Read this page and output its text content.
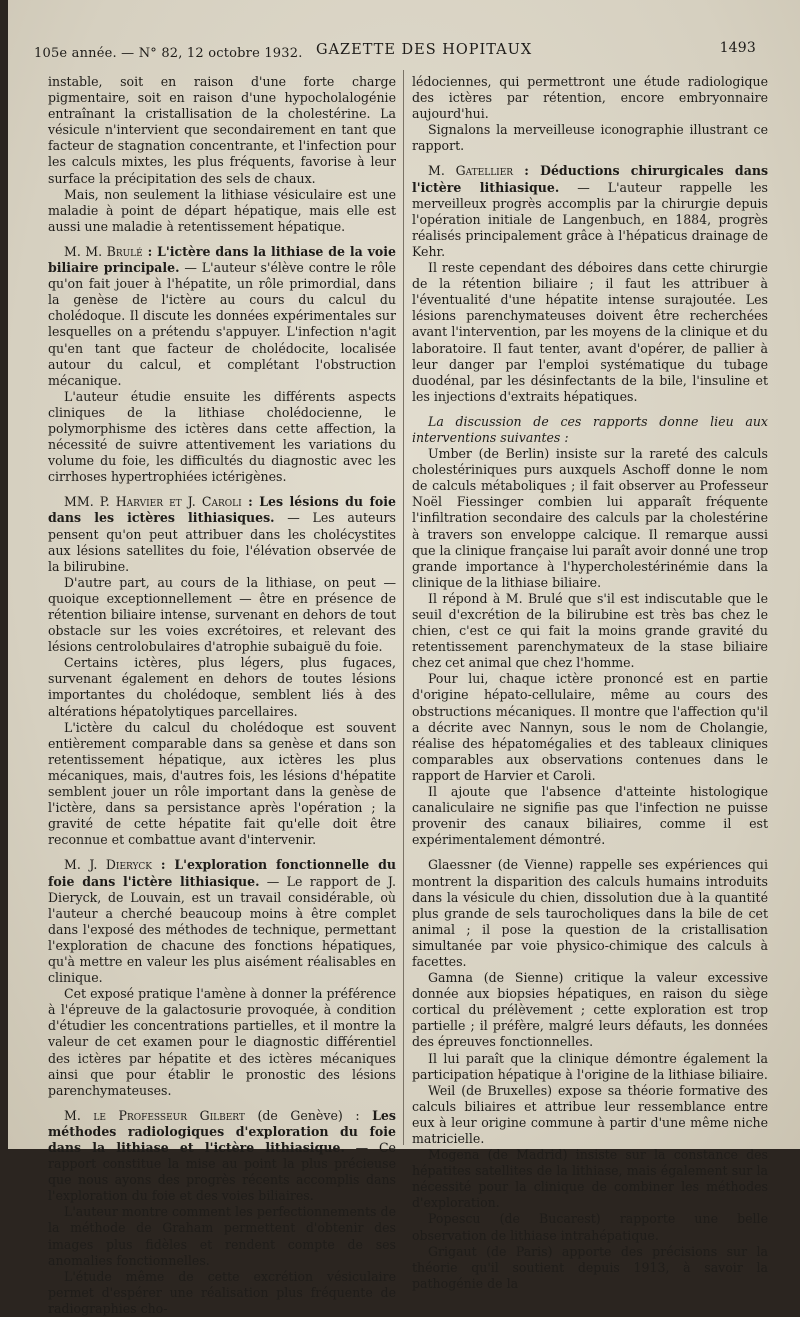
105e année. — N° 82, 12 octobre 1932. GAZETTE DES HOPITAUX	1493

instable, soit en raison d'une forte charge pigmentaire, soit en raison d'une hypocholalogénie entraînant la cristallisation de la cholestérine. La vésicule n'intervient que secondairement en tant que facteur de stagnation concentrante, et l'infection pour les calculs mixtes, les plus fréquents, favorise à leur surface la précipitation des sels de chaux.

Mais, non seulement la lithiase vésiculaire est une maladie à point de départ hépatique, mais elle est aussi une maladie à retentissement hépatique.

M. M. Brulé : L'ictère dans la lithiase de la voie biliaire principale. — L'auteur s'élève contre le rôle qu'on fait jouer à l'hépatite, un rôle primordial, dans la genèse de l'ictère au cours du calcul du cholédoque. Il discute les données expérimentales sur lesquelles on a prétendu s'appuyer. L'infection n'agit qu'en tant que facteur de cholédocite, localisée autour du calcul, et complétant l'obstruction mécanique.

L'auteur étudie ensuite les différents aspects cliniques de la lithiase cholédocienne, le polymorphisme des ictères dans cette affection, la nécessité de suivre attentivement les variations du volume du foie, les difficultés du diagnostic avec les cirrhoses hypertrophiées ictérigènes.

MM. P. Harvier et J. Caroli : Les lésions du foie dans les ictères lithiasiques. — Les auteurs pensent qu'on peut attribuer dans les cholécystites aux lésions satellites du foie, l'élévation observée de la bilirubine.

D'autre part, au cours de la lithiase, on peut — quoique exceptionnellement — être en présence de rétention biliaire intense, survenant en dehors de tout obstacle sur les voies excrétoires, et relevant des lésions centrolobulaires d'atrophie subaiguë du foie.

Certains ictères, plus légers, plus fugaces, survenant également en dehors de toutes lésions importantes du cholédoque, semblent liés à des altérations hépatolytiques parcellaires.

L'ictère du calcul du cholédoque est souvent entièrement comparable dans sa genèse et dans son retentissement hépatique, aux ictères les plus mécaniques, mais, d'autres fois, les lésions d'hépatite semblent jouer un rôle important dans la genèse de l'ictère, dans sa persistance après l'opération ; la gravité de cette hépatite fait qu'elle doit être reconnue et combattue avant d'intervenir.

M. J. Dieryck : L'exploration fonctionnelle du foie dans l'ictère lithiasique. — Le rapport de J. Dieryck, de Louvain, est un travail considérable, où l'auteur a cherché beaucoup moins à être complet dans l'exposé des méthodes de technique, permettant l'exploration de chacune des fonctions hépatiques, qu'à mettre en valeur les plus aisément réalisables en clinique.

Cet exposé pratique l'amène à donner la préférence à l'épreuve de la galactosurie provoquée, à condition d'étudier les concentrations partielles, et il montre la valeur de cet examen pour le diagnostic différentiel des ictères par hépatite et des ictères mécaniques ainsi que pour établir le pronostic des lésions parenchymateuses.

M. le Professeur Gilbert (de Genève) : Les méthodes radiologiques d'exploration du foie dans la lithiase et l'ictère lithiasique. — Ce rapport constitue la mise au point la plus précieuse que nous ayons des progrès récents accomplis dans l'exploration du foie et des voies biliaires.

L'auteur montre comment les perfectionnements de la méthode de Graham permettent d'obtenir des images plus fidèles et rendent compte de ses anomalies fonctionnelles.

L'étude même de cette excrétion vésiculaire permet d'espérer une réalisation plus fréquente de radiographies cho-

lédociennes, qui permettront une étude radiologique des ictères par rétention, encore embryonnaire aujourd'hui.

Signalons la merveilleuse iconographie illustrant ce rapport.

M. Gatellier : Déductions chirurgicales dans l'ictère lithiasique. — L'auteur rappelle les merveilleux progrès accomplis par la chirurgie depuis l'opération initiale de Langenbuch, en 1884, progrès réalisés principalement grâce à l'hépaticus drainage de Kehr.

Il reste cependant des déboires dans cette chirurgie de la rétention biliaire ; il faut les attribuer à l'éventualité d'une hépatite intense surajoutée. Les lésions parenchymateuses doivent être recherchées avant l'intervention, par les moyens de la clinique et du laboratoire. Il faut tenter, avant d'opérer, de pallier à leur danger par l'emploi systématique du tubage duodénal, par les désinfectants de la bile, l'insuline et les injections d'extraits hépatiques.

La discussion de ces rapports donne lieu aux interventions suivantes :

Umber (de Berlin) insiste sur la rareté des calculs cholestériniques purs auxquels Aschoff donne le nom de calculs métaboliques ; il fait observer au Professeur Noël Fiessinger combien lui apparaît fréquente l'infiltration secondaire des calculs par la cholestérine à travers son enveloppe calcique. Il remarque aussi que la clinique française lui paraît avoir donné une trop grande importance à l'hypercholestérinémie dans la clinique de la lithiase biliaire.

Il répond à M. Brulé que s'il est indiscutable que le seuil d'excrétion de la bilirubine est très bas chez le chien, c'est ce qui fait la moins grande gravité du retentissement parenchymateux de la stase biliaire chez cet animal que chez l'homme.

Pour lui, chaque ictère prononcé est en partie d'origine hépato-cellulaire, même au cours des obstructions mécaniques. Il montre que l'affection qu'il a décrite avec Nannyn, sous le nom de Cholangie, réalise des hépatomégalies et des tableaux cliniques comparables aux observations contenues dans le rapport de Harvier et Caroli.

Il ajoute que l'absence d'atteinte histologique canaliculaire ne signifie pas que l'infection ne puisse provenir des canaux biliaires, comme il est expérimentalement démontré.

Glaessner (de Vienne) rappelle ses expériences qui montrent la disparition des calculs humains introduits dans la vésicule du chien, dissolution due à la quantité plus grande de sels taurocholiques dans la bile de cet animal ; il pose la question de la cristallisation simultanée par voie physico-chimique des calculs à facettes.

Gamna (de Sienne) critique la valeur excessive donnée aux biopsies hépatiques, en raison du siège cortical du prélèvement ; cette exploration est trop partielle ; il préfère, malgré leurs défauts, les données des épreuves fonctionnelles.

Il lui paraît que la clinique démontre également la participation hépatique à l'origine de la lithiase biliaire.

Weil (de Bruxelles) expose sa théorie formative des calculs biliaires et attribue leur ressemblance entre eux à leur origine commune à partir d'une même niche matricielle.

Mogena (de Madrid) insiste sur la constance des hépatites satellites de la lithiase, mais également sur la nécessité pour la clinique de combiner les méthodes d'exploration.

Popescu (de Bucarest) rapporte une belle observation de lithiase intrahépatique.

Grigaut (de Paris) apporte des précisions sur la théorie qu'il soutient depuis 1913, à savoir la pathogénie de la
